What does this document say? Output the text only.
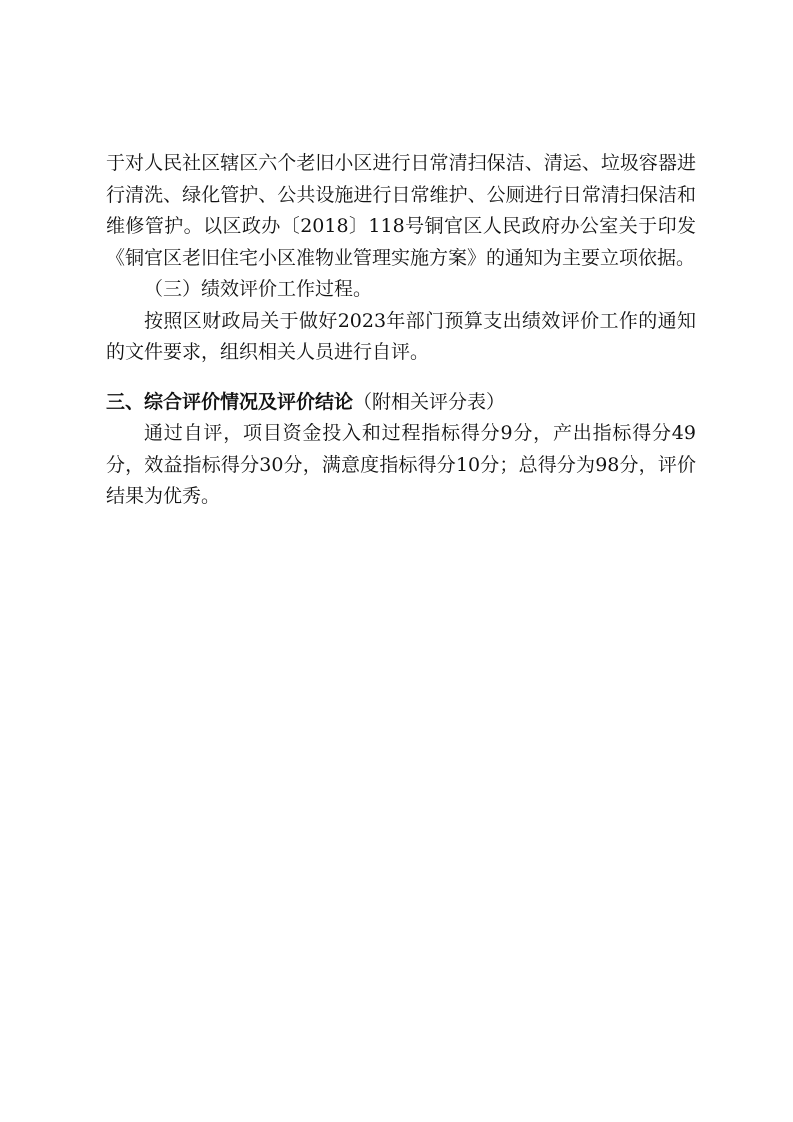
于对人民社区辖区六个老旧小区进行日常清扫保洁、清运、垃圾容器进行清洗、绿化管护、公共设施进行日常维护、公厕进行日常清扫保洁和维修管护。以区政办〔2018〕118号铜官区人民政府办公室关于印发《铜官区老旧住宅小区准物业管理实施方案》的通知为主要立项依据。

（三）绩效评价工作过程。

按照区财政局关于做好2023年部门预算支出绩效评价工作的通知的文件要求，组织相关人员进行自评。

三、综合评价情况及评价结论（附相关评分表）

通过自评，项目资金投入和过程指标得分9分，产出指标得分49分，效益指标得分30分，满意度指标得分10分；总得分为98分，评价结果为优秀。
